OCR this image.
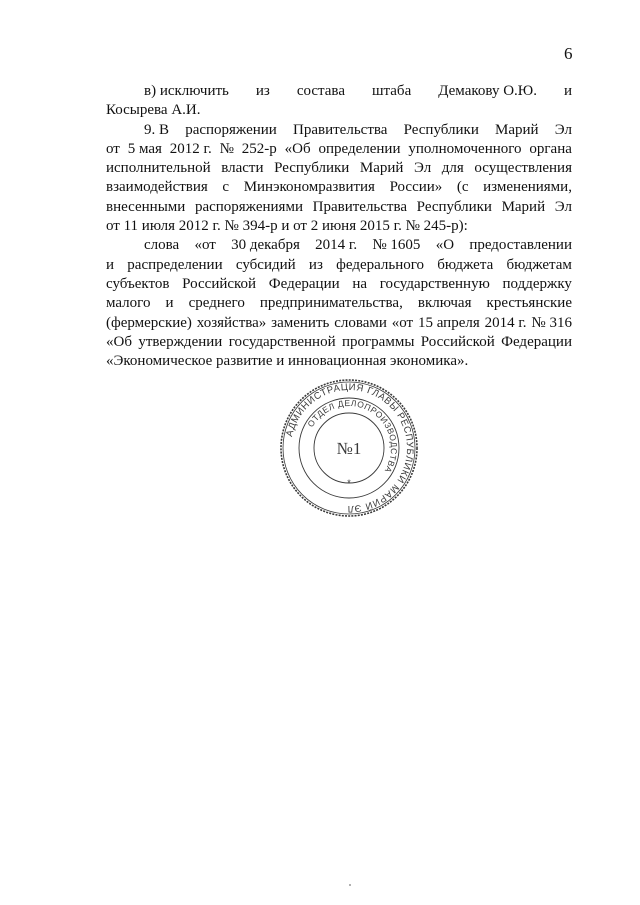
6
в) исключить из состава штаба Демакову О.Ю. и
Косырева А.И.
9. В распоряжении Правительства Республики Марий Эл
от 5 мая 2012 г. № 252-р «Об определении уполномоченного органа
исполнительной власти Республики Марий Эл для осуществления
взаимодействия с Минэкономразвития России» (с изменениями,
внесенными распоряжениями Правительства Республики Марий Эл
от 11 июля 2012 г. № 394-р и от 2 июня 2015 г. № 245-р):
слова «от 30 декабря 2014 г. № 1605 «О предоставлении
и распределении субсидий из федерального бюджета бюджетам
субъектов Российской Федерации на государственную поддержку
малого и среднего предпринимательства, включая крестьянские
(фермерские) хозяйства» заменить словами «от 15 апреля 2014 г. № 316
«Об утверждении государственной программы Российской Федерации
«Экономическое развитие и инновационная экономика».
АДМИНИСТРАЦИЯ ГЛАВЫ РЕСПУБЛИКИ МАРИЙ ЭЛ
ОТДЕЛ ДЕЛОПРОИЗВОДСТВА
№1
*
